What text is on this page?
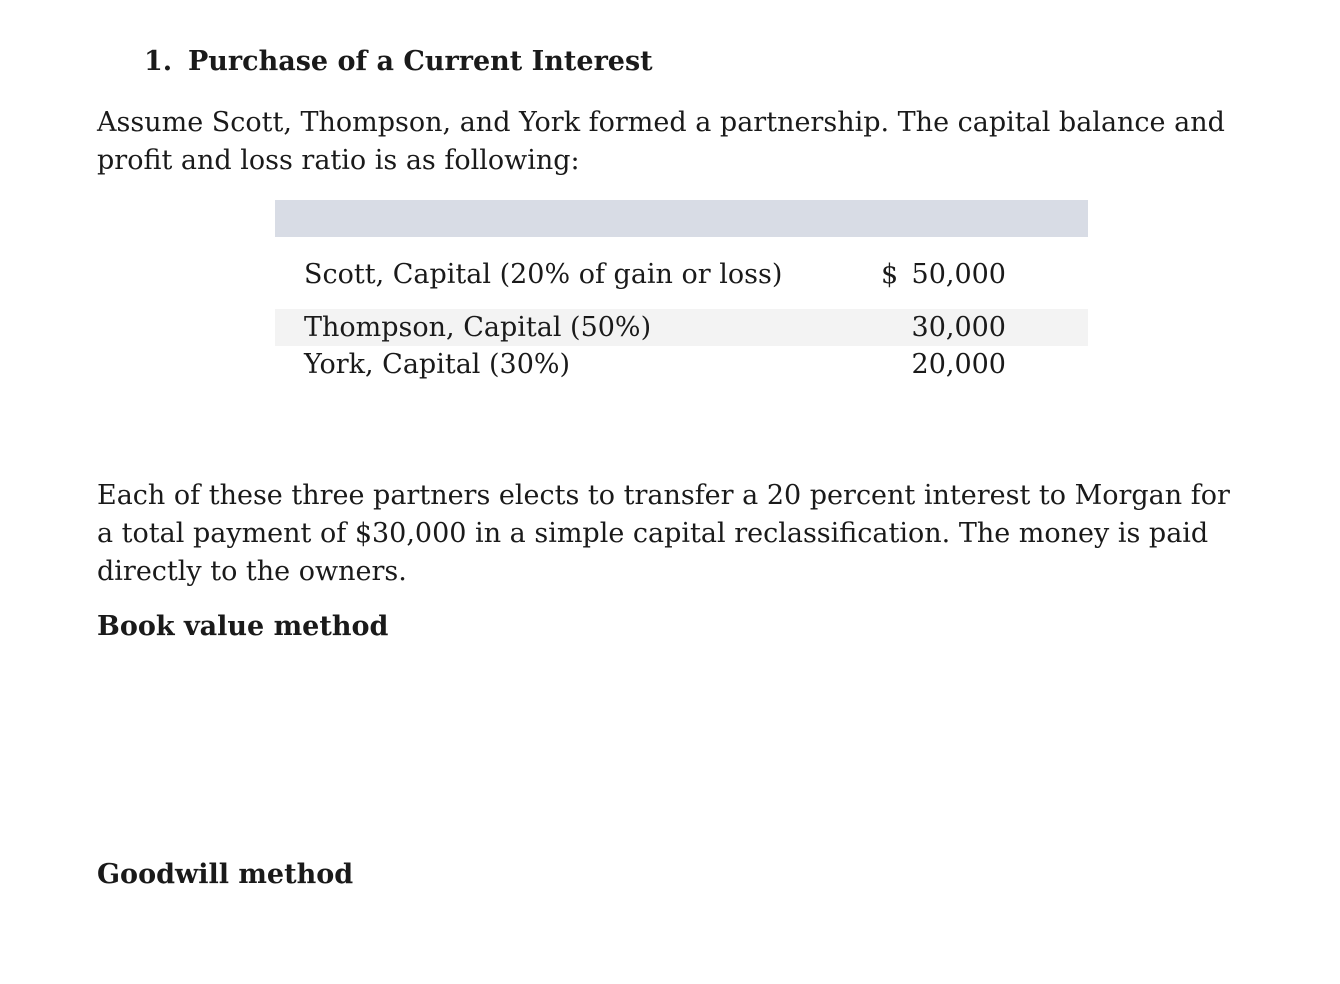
1. Purchase of a Current Interest

Assume Scott, Thompson, and York formed a partnership. The capital balance and profit and loss ratio is as following:

Scott, Capital (20% of gain or loss)	$ 50,000
Thompson, Capital (50%)	30,000
York, Capital (30%)	20,000

Each of these three partners elects to transfer a 20 percent interest to Morgan for a total payment of $30,000 in a simple capital reclassification. The money is paid directly to the owners.

Book value method
Goodwill method
